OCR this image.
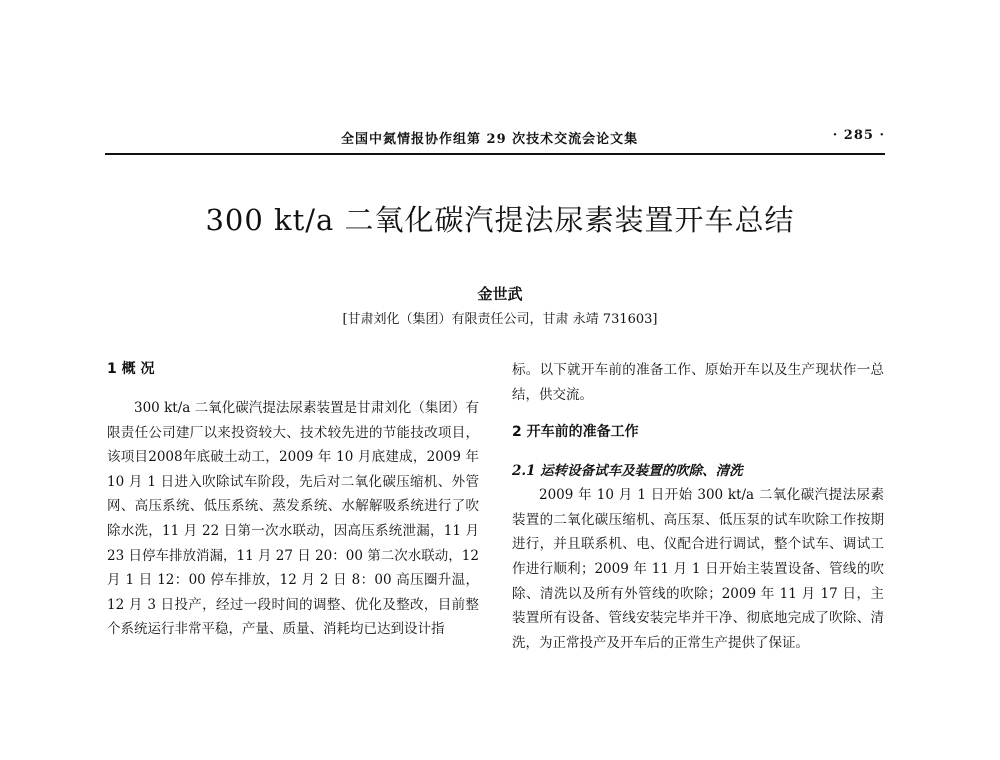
全国中氮情报协作组第 29 次技术交流会论文集	· 285 ·
300 kt/a 二氧化碳汽提法尿素装置开车总结
金世武
[甘肃刘化（集团）有限责任公司，甘肃 永靖 731603]
1 概 况

300 kt/a 二氧化碳汽提法尿素装置是甘肃刘化（集团）有限责任公司建厂以来投资较大、技术较先进的节能技改项目，该项目2008年底破土动工，2009 年 10 月底建成，2009 年 10 月 1 日进入吹除试车阶段，先后对二氧化碳压缩机、外管网、高压系统、低压系统、蒸发系统、水解解吸系统进行了吹除水洗，11 月 22 日第一次水联动，因高压系统泄漏，11 月 23 日停车排放消漏，11 月 27 日 20：00 第二次水联动，12 月 1 日 12：00 停车排放，12 月 2 日 8：00 高压圈升温，12 月 3 日投产，经过一段时间的调整、优化及整改，目前整个系统运行非常平稳，产量、质量、消耗均已达到设计指

标。以下就开车前的准备工作、原始开车以及生产现状作一总结，供交流。

2 开车前的准备工作
2.1 运转设备试车及装置的吹除、清洗

2009 年 10 月 1 日开始 300 kt/a 二氧化碳汽提法尿素装置的二氧化碳压缩机、高压泵、低压泵的试车吹除工作按期进行，并且联系机、电、仪配合进行调试，整个试车、调试工作进行顺利；2009 年 11 月 1 日开始主装置设备、管线的吹除、清洗以及所有外管线的吹除；2009 年 11 月 17 日，主装置所有设备、管线安装完毕并干净、彻底地完成了吹除、清洗，为正常投产及开车后的正常生产提供了保证。
